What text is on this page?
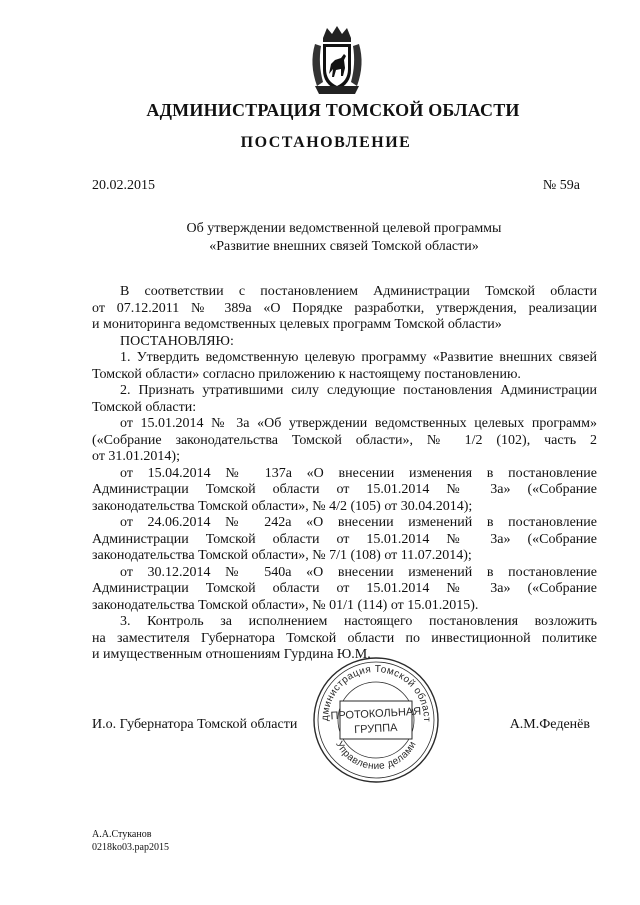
АДМИНИСТРАЦИЯ ТОМСКОЙ ОБЛАСТИ
ПОСТАНОВЛЕНИЕ
20.02.2015	№ 59а
Об утверждении ведомственной целевой программы
«Развитие внешних связей Томской области»

В соответствии с постановлением Администрации Томской области

от 07.12.2011 № 389а «О Порядке разработки, утверждения, реализации

и мониторинга ведомственных целевых программ Томской области»

ПОСТАНОВЛЯЮ:

1. Утвердить ведомственную целевую программу «Развитие внешних связей

Томской области» согласно приложению к настоящему постановлению.

2. Признать утратившими силу следующие постановления Администрации

Томской области:

от 15.01.2014 № 3а «Об утверждении ведомственных целевых программ»

(«Собрание законодательства Томской области», № 1/2 (102), часть 2

от 31.01.2014);

от 15.04.2014 № 137а «О внесении изменения в постановление

Администрации Томской области от 15.01.2014 № 3а» («Собрание

законодательства Томской области», № 4/2 (105) от 30.04.2014);

от 24.06.2014 № 242а «О внесении изменений в постановление

Администрации Томской области от 15.01.2014 № 3а» («Собрание

законодательства Томской области», № 7/1 (108) от 11.07.2014);

от 30.12.2014 № 540а «О внесении изменений в постановление

Администрации Томской области от 15.01.2014 № 3а» («Собрание

законодательства Томской области», № 01/1 (114) от 15.01.2015).

3. Контроль за исполнением настоящего постановления возложить

на заместителя Губернатора Томской области по инвестиционной политике

и имущественным отношениям Гурдина Ю.М.

И.о. Губернатора Томской области	А.М.Феденёв
дминистрация Томской област
Управление делами
ПРОТОКОЛЬНАЯ
ГРУППА
А.А.Стуканов
0218ko03.pap2015
